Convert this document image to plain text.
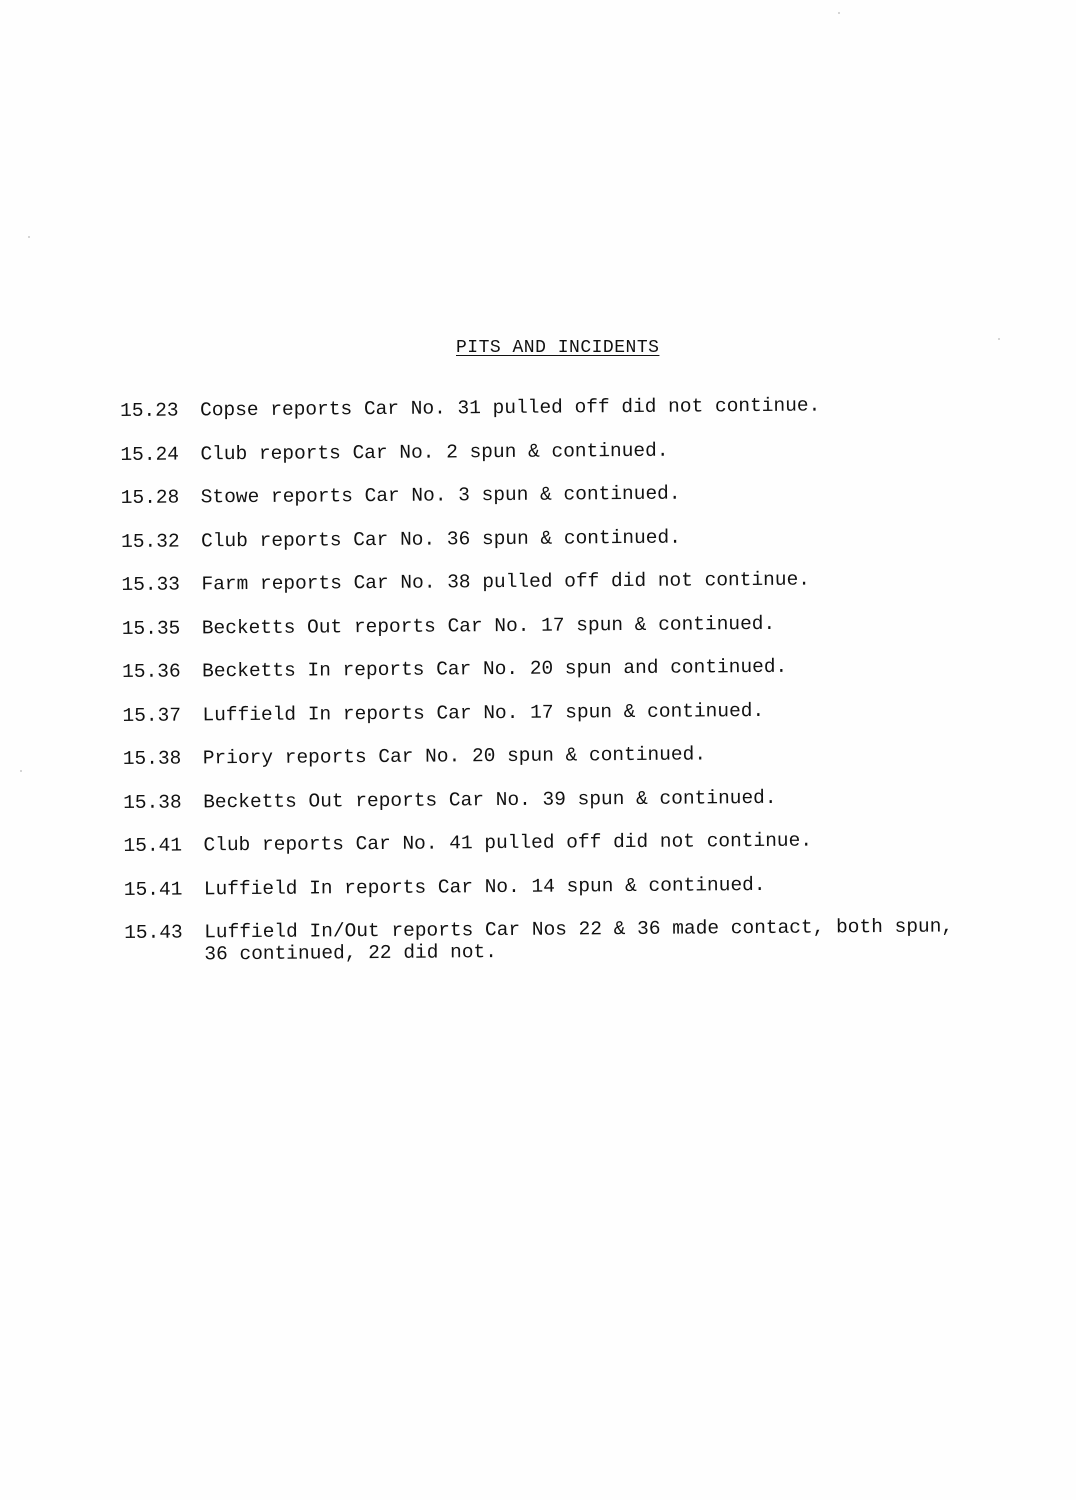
PITS AND INCIDENTS
15.23	Copse reports Car No. 31 pulled off did not continue.
15.24	Club reports Car No. 2 spun & continued.
15.28	Stowe reports Car No. 3 spun & continued.
15.32	Club reports Car No. 36 spun & continued.
15.33	Farm reports Car No. 38 pulled off did not continue.
15.35	Becketts Out reports Car No. 17 spun & continued.
15.36	Becketts In reports Car No. 20 spun and continued.
15.37	Luffield In reports Car No. 17 spun & continued.
15.38	Priory reports Car No. 20 spun & continued.
15.38	Becketts Out reports Car No. 39 spun & continued.
15.41	Club reports Car No. 41 pulled off did not continue.
15.41	Luffield In reports Car No. 14 spun & continued.
15.43	Luffield In/Out reports Car Nos 22 & 36 made contact, both spun,
36 continued, 22 did not.
